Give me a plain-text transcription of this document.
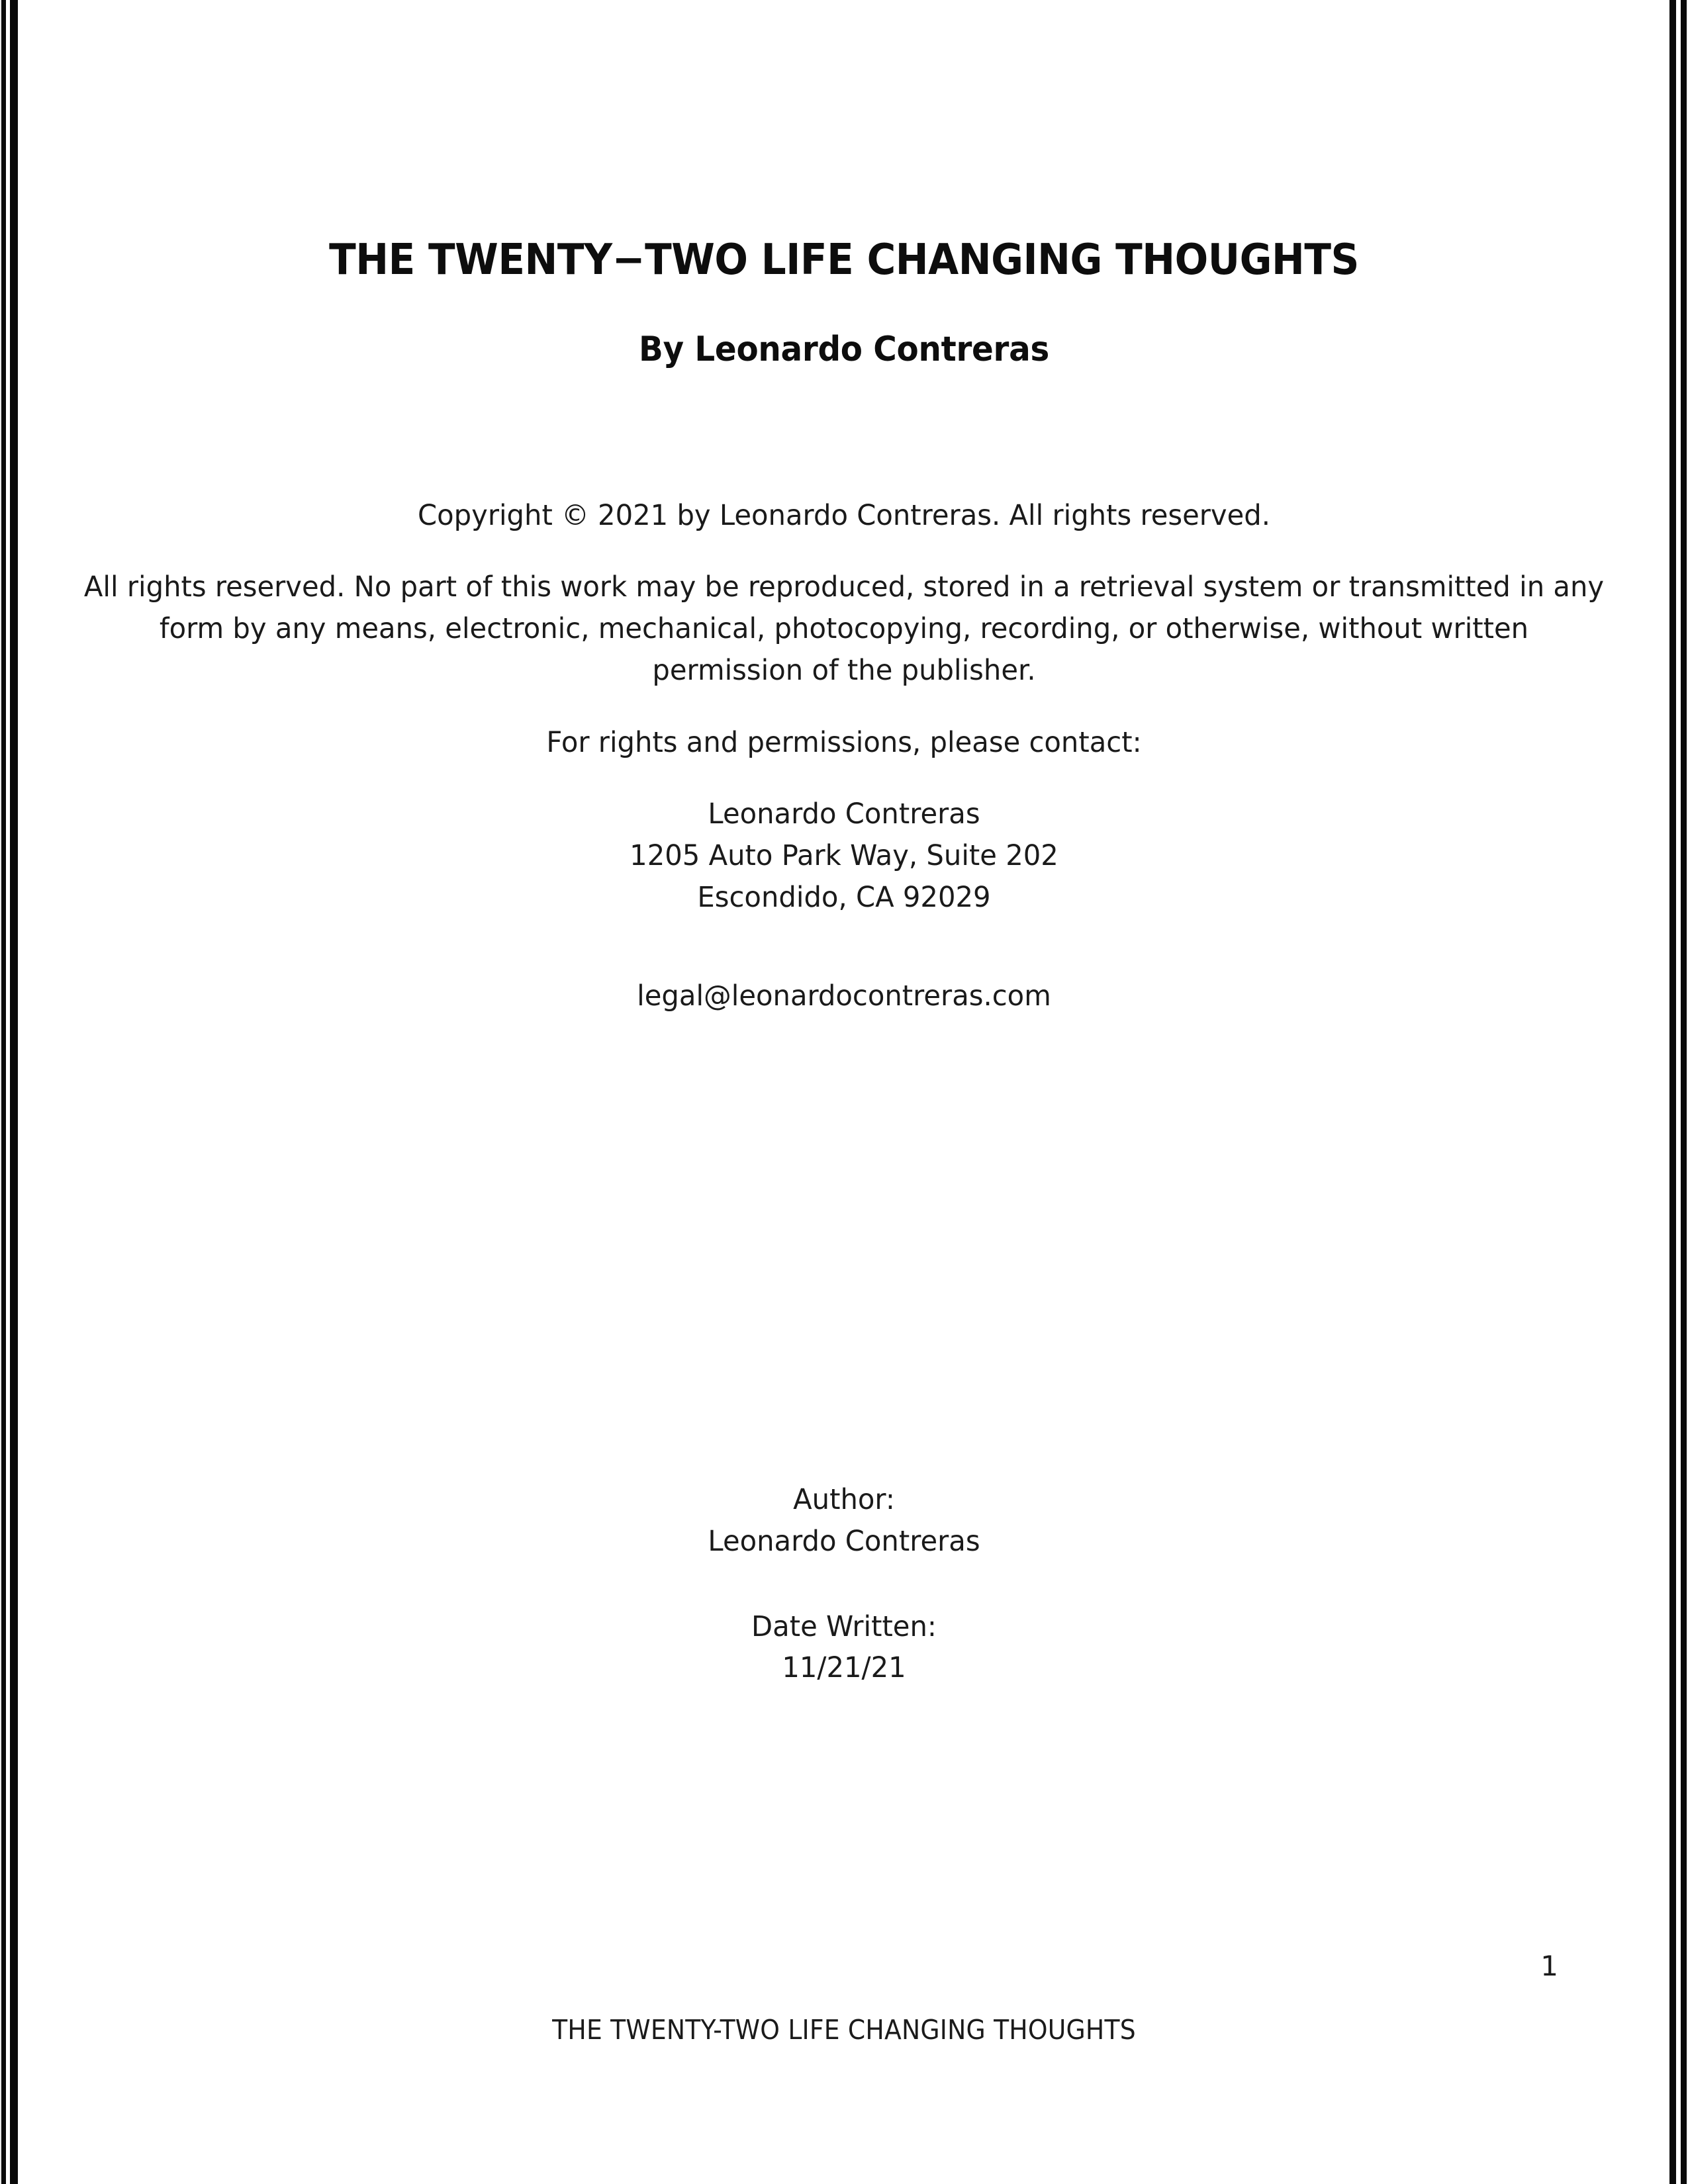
THE TWENTY−TWO LIFE CHANGING THOUGHTS
By Leonardo Contreras

Copyright © 2021 by Leonardo Contreras. All rights reserved.

All rights reserved. No part of this work may be reproduced, stored in a retrieval system or transmitted in any form by any means, electronic, mechanical, photocopying, recording, or otherwise, without written permission of the publisher.

For rights and permissions, please contact:

Leonardo Contreras
1205 Auto Park Way, Suite 202
Escondido, CA 92029
legal@leonardocontreras.com
Author:
Leonardo Contreras
Date Written:
11/21/21
1
THE TWENTY-TWO LIFE CHANGING THOUGHTS
